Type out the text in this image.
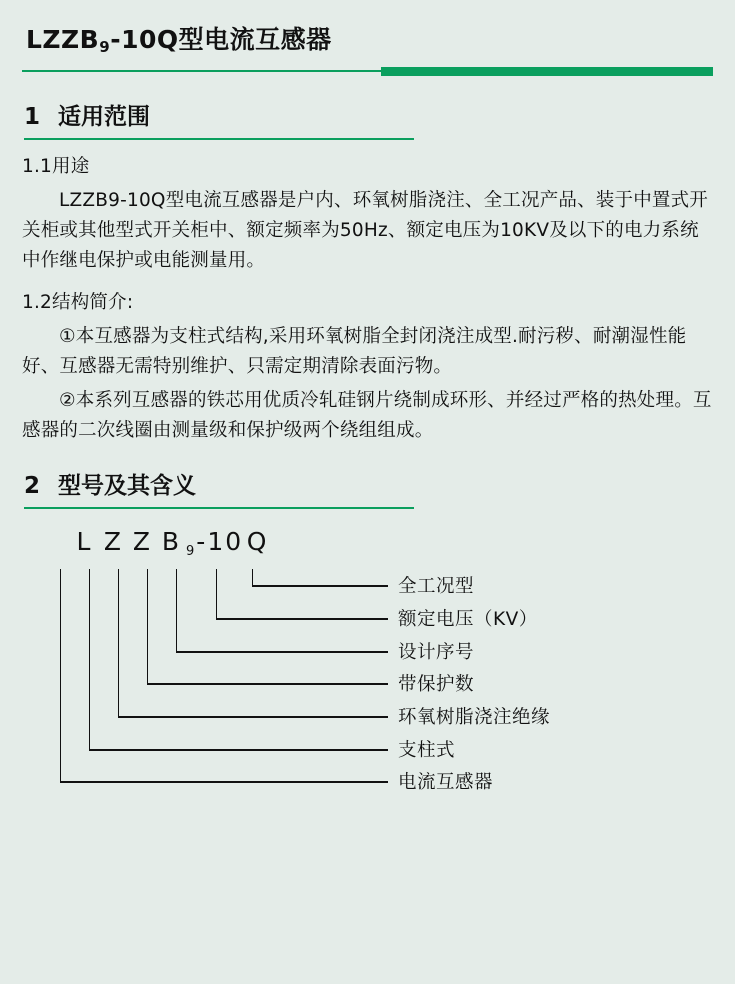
$LZZB_9-10Q$型电流互感器
1 适用范围
1.1用途
LZZB9-10Q型电流互感器是户内、环氧树脂浇注、全工况产品、装于中置式开关柜或其他型式开关柜中、额定频率为50Hz、额定电压为10KV及以下的电力系统中作继电保护或电能测量用。
1.2结构简介:
①本互感器为支柱式结构,采用环氧树脂全封闭浇注成型.耐污秽、耐潮湿性能好、互感器无需特别维护、只需定期清除表面污物。
②本系列互感器的铁芯用优质冷轧硅钢片绕制成环形、并经过严格的热处理。互感器的二次线圈由测量级和保护级两个绕组组成。
2 型号及其含义
L Z Z B $_9$-10 Q
全工况型
额定电压（KV）
设计序号
带保护数
环氧树脂浇注绝缘
支柱式
电流互感器
